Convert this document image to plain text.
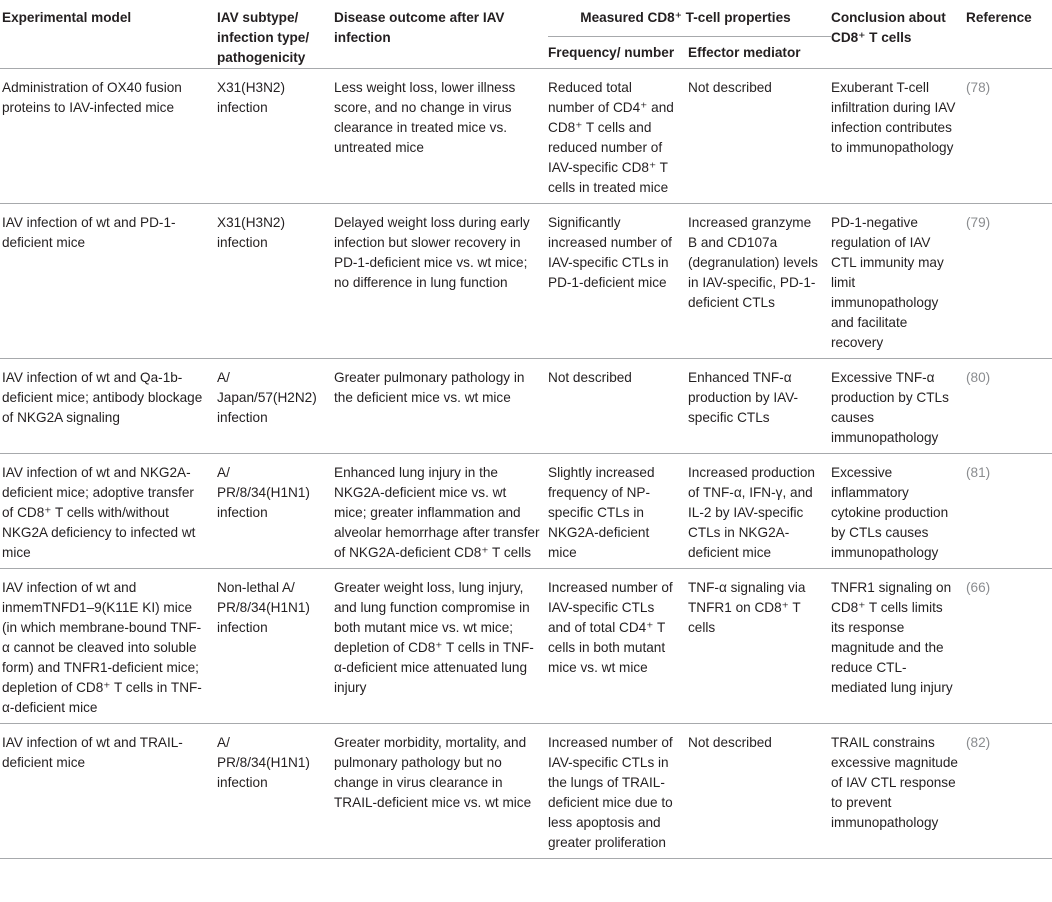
Experimental model	IAV subtype/ infection type/ pathogenicity	Disease outcome after IAV infection	Measured CD8⁺ T-cell properties		Conclusion about CD8⁺ T cells	Reference
			Frequency/ number	Effector mediator		
Administration of OX40 fusion proteins to IAV-infected mice	X31(H3N2) infection	Less weight loss, lower illness score, and no change in virus clearance in treated mice vs. untreated mice	Reduced total number of CD4⁺ and CD8⁺ T cells and reduced number of IAV-specific CD8⁺ T cells in treated mice	Not described	Exuberant T-cell infiltration during IAV infection contributes to immunopathology	(78)
IAV infection of wt and PD-1-deficient mice	X31(H3N2) infection	Delayed weight loss during early infection but slower recovery in PD-1-deficient mice vs. wt mice; no difference in lung function	Significantly increased number of IAV-specific CTLs in PD-1-deficient mice	Increased granzyme B and CD107a (degranulation) levels in IAV-specific, PD-1-deficient CTLs	PD-1-negative regulation of IAV CTL immunity may limit immunopathology and facilitate recovery	(79)
IAV infection of wt and Qa-1b-deficient mice; antibody blockage of NKG2A signaling	A/ Japan/57(H2N2) infection	Greater pulmonary pathology in the deficient mice vs. wt mice	Not described	Enhanced TNF-α production by IAV-specific CTLs	Excessive TNF-α production by CTLs causes immunopathology	(80)
IAV infection of wt and NKG2A-deficient mice; adoptive transfer of CD8⁺ T cells with/without NKG2A deficiency to infected wt mice	A/ PR/8/34(H1N1) infection	Enhanced lung injury in the NKG2A-deficient mice vs. wt mice; greater inflammation and alveolar hemorrhage after transfer of NKG2A-deficient CD8⁺ T cells	Slightly increased frequency of NP-specific CTLs in NKG2A-deficient mice	Increased production of TNF-α, IFN-γ, and IL-2 by IAV-specific CTLs in NKG2A-deficient mice	Excessive inflammatory cytokine production by CTLs causes immunopathology	(81)
IAV infection of wt and inmemTNFD1–9(K11E KI) mice (in which membrane-bound TNF-α cannot be cleaved into soluble form) and TNFR1-deficient mice; depletion of CD8⁺ T cells in TNF-α-deficient mice	Non-lethal A/ PR/8/34(H1N1) infection	Greater weight loss, lung injury, and lung function compromise in both mutant mice vs. wt mice; depletion of CD8⁺ T cells in TNF-α-deficient mice attenuated lung injury	Increased number of IAV-specific CTLs and of total CD4⁺ T cells in both mutant mice vs. wt mice	TNF-α signaling via TNFR1 on CD8⁺ T cells	TNFR1 signaling on CD8⁺ T cells limits its response magnitude and the reduce CTL-mediated lung injury	(66)
IAV infection of wt and TRAIL-deficient mice	A/ PR/8/34(H1N1) infection	Greater morbidity, mortality, and pulmonary pathology but no change in virus clearance in TRAIL-deficient mice vs. wt mice	Increased number of IAV-specific CTLs in the lungs of TRAIL-deficient mice due to less apoptosis and greater proliferation	Not described	TRAIL constrains excessive magnitude of IAV CTL response to prevent immunopathology	(82)
